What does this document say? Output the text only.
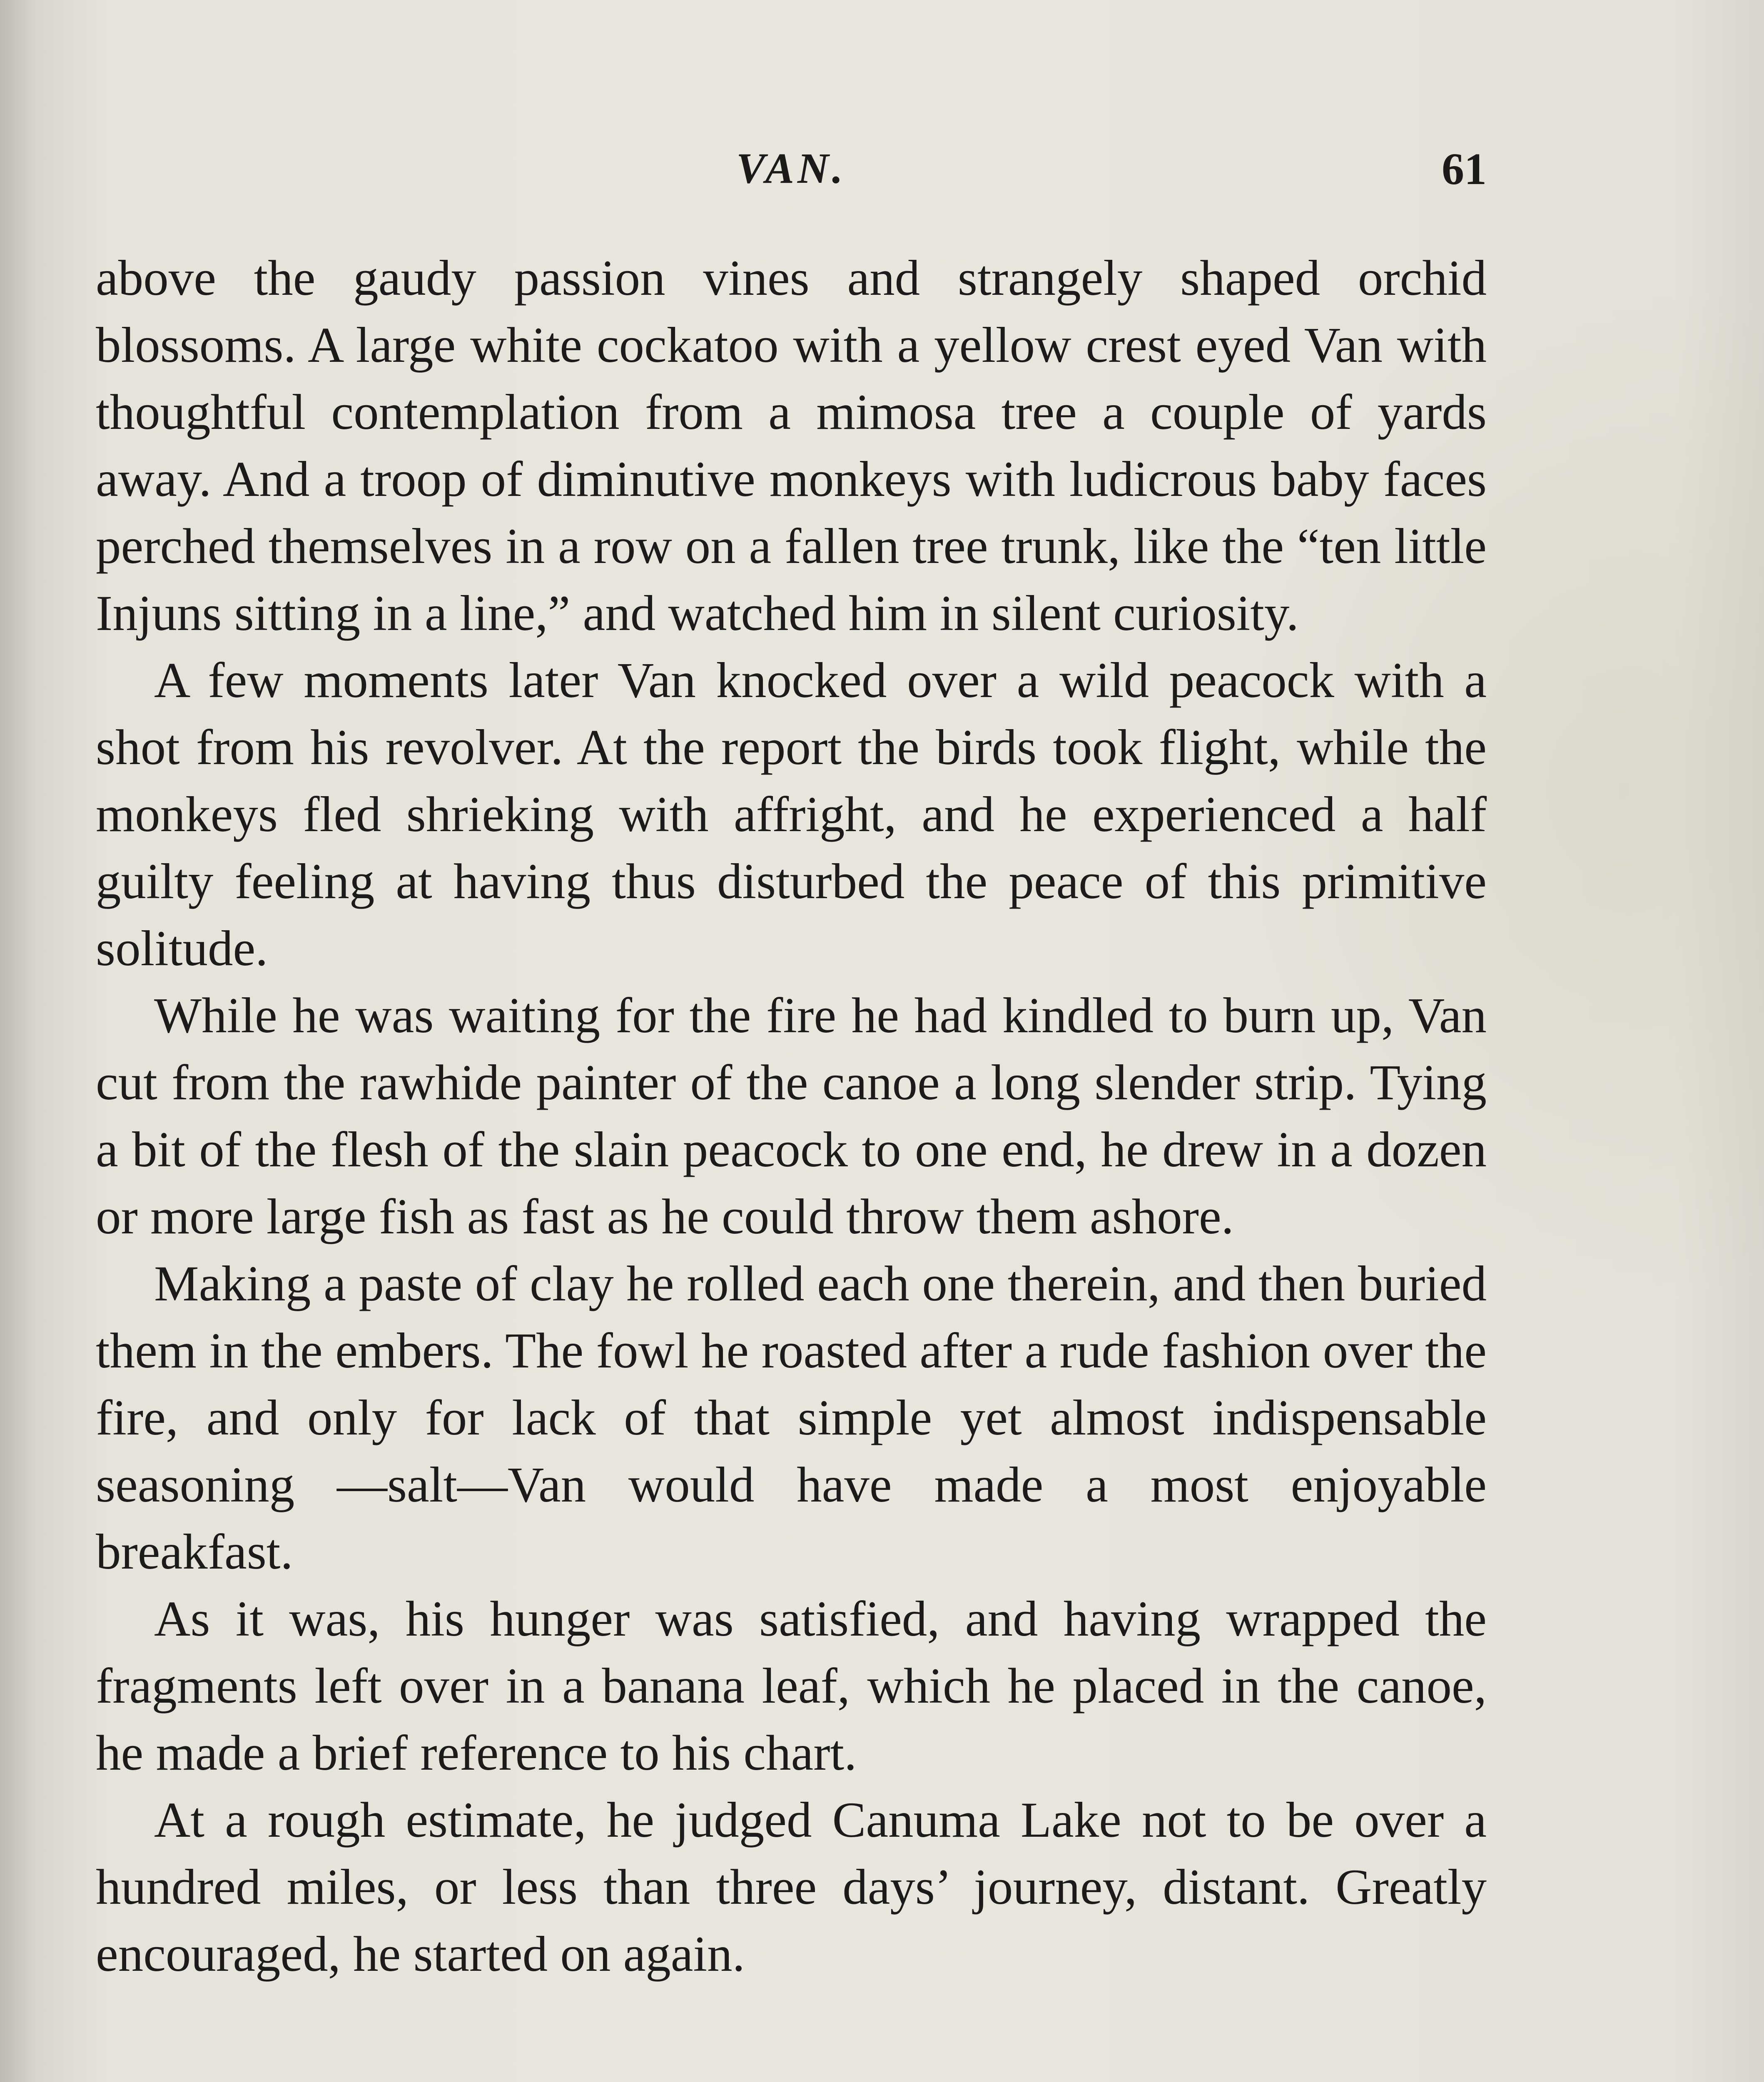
VAN.	61

above the gaudy passion vines and strangely shaped orchid blossoms. A large white cockatoo with a yellow crest eyed Van with thoughtful contemplation from a mimosa tree a couple of yards away. And a troop of diminutive monkeys with ludicrous baby faces perched themselves in a row on a fallen tree trunk, like the “ten little Injuns sitting in a line,” and watched him in silent curiosity.

A few moments later Van knocked over a wild peacock with a shot from his revolver. At the report the birds took flight, while the monkeys fled shrieking with affright, and he experienced a half guilty feeling at having thus disturbed the peace of this primitive solitude.

While he was waiting for the fire he had kindled to burn up, Van cut from the rawhide painter of the canoe a long slender strip. Tying a bit of the flesh of the slain peacock to one end, he drew in a dozen or more large fish as fast as he could throw them ashore.

Making a paste of clay he rolled each one therein, and then buried them in the embers. The fowl he roasted after a rude fashion over the fire, and only for lack of that simple yet almost indispensable seasoning —salt—Van would have made a most enjoyable breakfast.

As it was, his hunger was satisfied, and having wrapped the fragments left over in a banana leaf, which he placed in the canoe, he made a brief reference to his chart.

At a rough estimate, he judged Canuma Lake not to be over a hundred miles, or less than three days’ journey, distant. Greatly encouraged, he started on again.
